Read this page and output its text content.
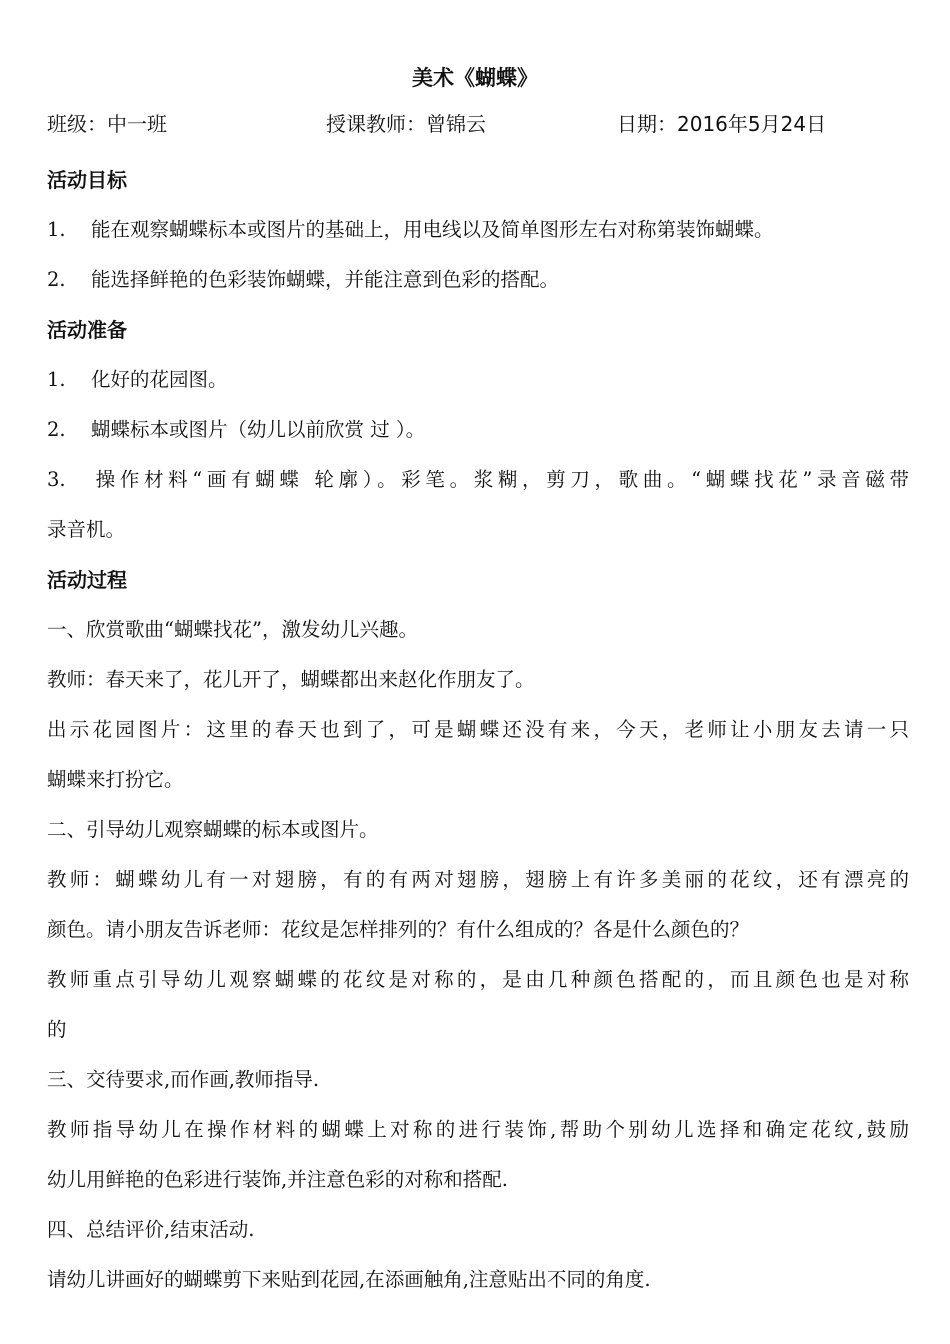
美术《蝴蝶》
班级：中一班	授课教师：曾锦云	日期：2016年5月24日
活动目标
1. 能在观察蝴蝶标本或图片的基础上，用电线以及简单图形左右对称第装饰蝴蝶。
2. 能选择鲜艳的色彩装饰蝴蝶，并能注意到色彩的搭配。
活动准备
1. 化好的花园图。
2. 蝴蝶标本或图片（幼儿以前欣赏 过 ）。
3. 操作材料“画有蝴蝶 轮廓）。彩笔。浆糊，剪刀，歌曲。“蝴蝶找花”录音磁带
录音机。
活动过程
一、欣赏歌曲“蝴蝶找花”，激发幼儿兴趣。
教师：春天来了，花儿开了，蝴蝶都出来赵化作朋友了。
出示花园图片：这里的春天也到了，可是蝴蝶还没有来，今天，老师让小朋友去请一只
蝴蝶来打扮它。
二、引导幼儿观察蝴蝶的标本或图片。
教师：蝴蝶幼儿有一对翅膀，有的有两对翅膀，翅膀上有许多美丽的花纹，还有漂亮的
颜色。请小朋友告诉老师：花纹是怎样排列的？有什么组成的？各是什么颜色的？
教师重点引导幼儿观察蝴蝶的花纹是对称的，是由几种颜色搭配的，而且颜色也是对称
的
三、交待要求,而作画,教师指导.
教师指导幼儿在操作材料的蝴蝶上对称的进行装饰,帮助个别幼儿选择和确定花纹,鼓励
幼儿用鲜艳的色彩进行装饰,并注意色彩的对称和搭配.
四、总结评价,结束活动.
请幼儿讲画好的蝴蝶剪下来贴到花园,在添画触角,注意贴出不同的角度.
